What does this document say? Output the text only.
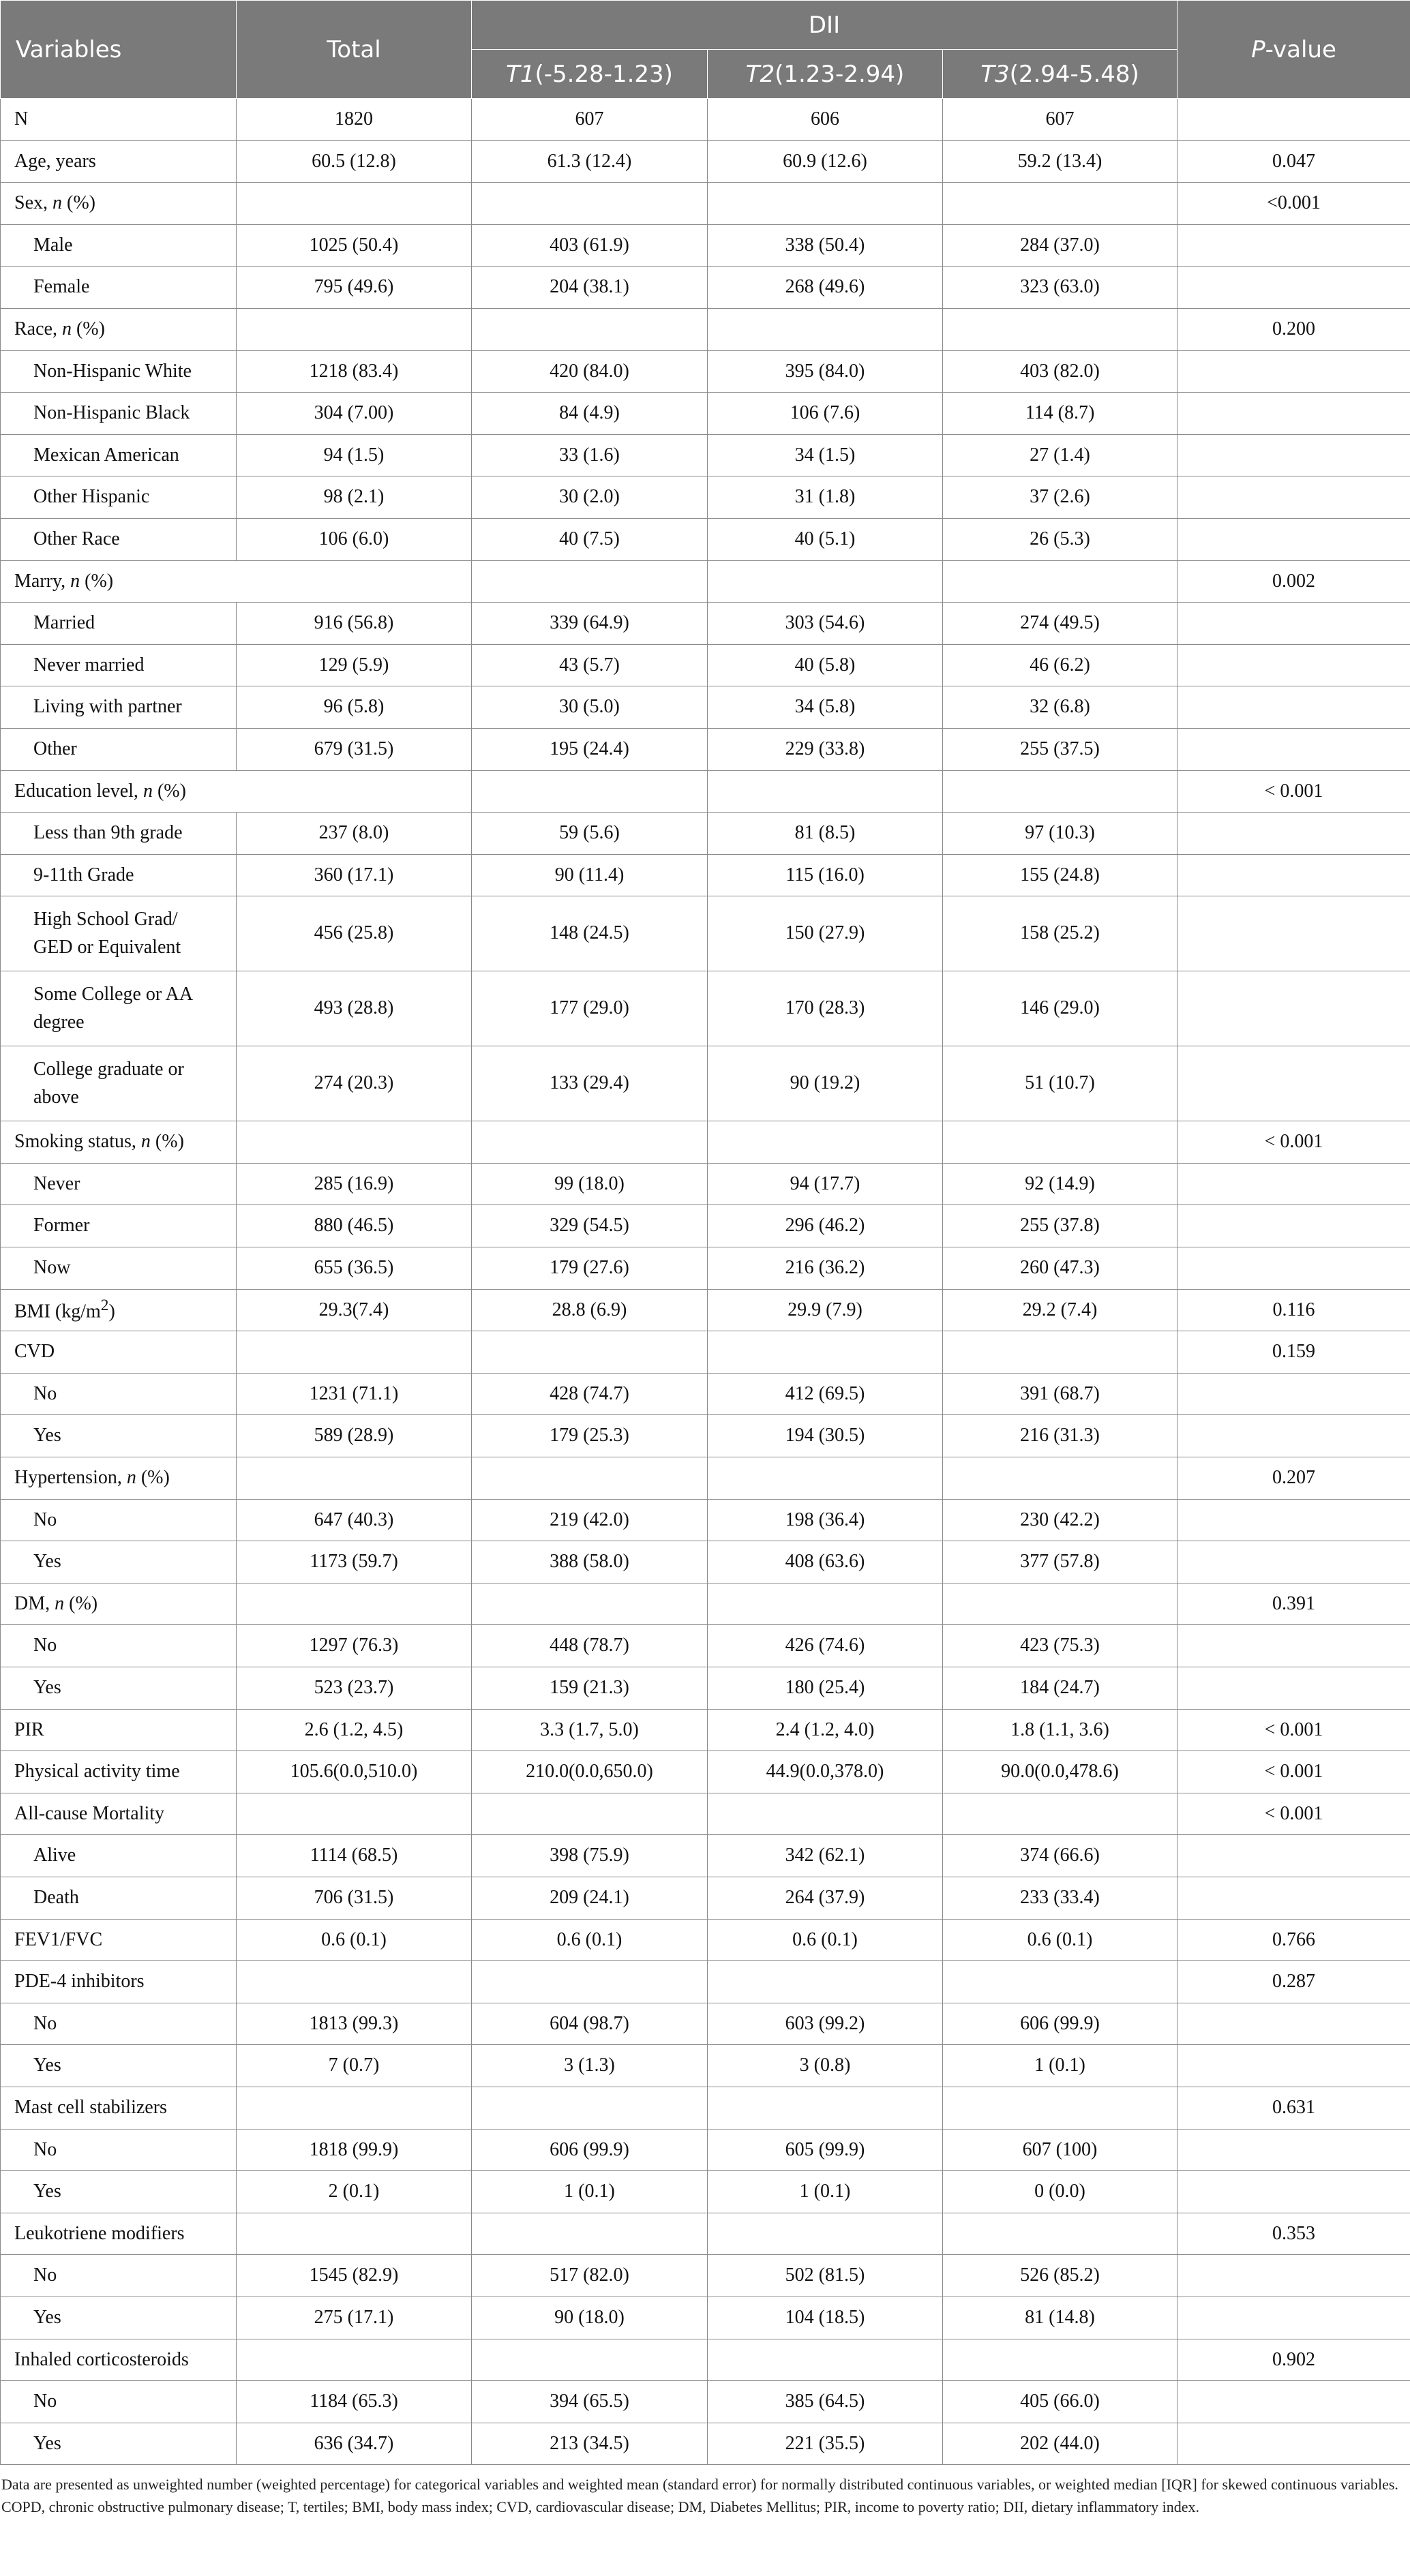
Variables	Total	DII			P-value
		T1(-5.28-1.23)	T2(1.23-2.94)	T3(2.94-5.48)	
N	1820	607	606	607	
Age, years	60.5 (12.8)	61.3 (12.4)	60.9 (12.6)	59.2 (13.4)	0.047
Sex, n (%)					<0.001
Male	1025 (50.4)	403 (61.9)	338 (50.4)	284 (37.0)	
Female	795 (49.6)	204 (38.1)	268 (49.6)	323 (63.0)	
Race, n (%)					0.200
Non-Hispanic White	1218 (83.4)	420 (84.0)	395 (84.0)	403 (82.0)	
Non-Hispanic Black	304 (7.00)	84 (4.9)	106 (7.6)	114 (8.7)	
Mexican American	94 (1.5)	33 (1.6)	34 (1.5)	27 (1.4)	
Other Hispanic	98 (2.1)	30 (2.0)	31 (1.8)	37 (2.6)	
Other Race	106 (6.0)	40 (7.5)	40 (5.1)	26 (5.3)	
Marry, n (%)					0.002
Married	916 (56.8)	339 (64.9)	303 (54.6)	274 (49.5)	
Never married	129 (5.9)	43 (5.7)	40 (5.8)	46 (6.2)	
Living with partner	96 (5.8)	30 (5.0)	34 (5.8)	32 (6.8)	
Other	679 (31.5)	195 (24.4)	229 (33.8)	255 (37.5)	
Education level, n (%)					< 0.001
Less than 9th grade	237 (8.0)	59 (5.6)	81 (8.5)	97 (10.3)	
9-11th Grade	360 (17.1)	90 (11.4)	115 (16.0)	155 (24.8)	
High School Grad/
GED or Equivalent	456 (25.8)	148 (24.5)	150 (27.9)	158 (25.2)	
Some College or AA
degree	493 (28.8)	177 (29.0)	170 (28.3)	146 (29.0)	
College graduate or
above	274 (20.3)	133 (29.4)	90 (19.2)	51 (10.7)	
Smoking status, n (%)					< 0.001
Never	285 (16.9)	99 (18.0)	94 (17.7)	92 (14.9)	
Former	880 (46.5)	329 (54.5)	296 (46.2)	255 (37.8)	
Now	655 (36.5)	179 (27.6)	216 (36.2)	260 (47.3)	
BMI $(kg/m^2)$	29.3(7.4)	28.8 (6.9)	29.9 (7.9)	29.2 (7.4)	0.116
CVD					0.159
No	1231 (71.1)	428 (74.7)	412 (69.5)	391 (68.7)	
Yes	589 (28.9)	179 (25.3)	194 (30.5)	216 (31.3)	
Hypertension, n (%)					0.207
No	647 (40.3)	219 (42.0)	198 (36.4)	230 (42.2)	
Yes	1173 (59.7)	388 (58.0)	408 (63.6)	377 (57.8)	
DM, n (%)					0.391
No	1297 (76.3)	448 (78.7)	426 (74.6)	423 (75.3)	
Yes	523 (23.7)	159 (21.3)	180 (25.4)	184 (24.7)	
PIR	2.6 (1.2, 4.5)	3.3 (1.7, 5.0)	2.4 (1.2, 4.0)	1.8 (1.1, 3.6)	< 0.001
Physical activity time	105.6(0.0,510.0)	210.0(0.0,650.0)	44.9(0.0,378.0)	90.0(0.0,478.6)	< 0.001
All-cause Mortality					< 0.001
Alive	1114 (68.5)	398 (75.9)	342 (62.1)	374 (66.6)	
Death	706 (31.5)	209 (24.1)	264 (37.9)	233 (33.4)	
FEV1/FVC	0.6 (0.1)	0.6 (0.1)	0.6 (0.1)	0.6 (0.1)	0.766
PDE-4 inhibitors					0.287
No	1813 (99.3)	604 (98.7)	603 (99.2)	606 (99.9)	
Yes	7 (0.7)	3 (1.3)	3 (0.8)	1 (0.1)	
Mast cell stabilizers					0.631
No	1818 (99.9)	606 (99.9)	605 (99.9)	607 (100)	
Yes	2 (0.1)	1 (0.1)	1 (0.1)	0 (0.0)	
Leukotriene modifiers					0.353
No	1545 (82.9)	517 (82.0)	502 (81.5)	526 (85.2)	
Yes	275 (17.1)	90 (18.0)	104 (18.5)	81 (14.8)	
Inhaled corticosteroids					0.902
No	1184 (65.3)	394 (65.5)	385 (64.5)	405 (66.0)	
Yes	636 (34.7)	213 (34.5)	221 (35.5)	202 (44.0)	

Data are presented as unweighted number (weighted percentage) for categorical variables and weighted mean (standard error) for normally distributed continuous variables, or weighted median [IQR] for skewed continuous variables.

COPD, chronic obstructive pulmonary disease; T, tertiles; BMI, body mass index; CVD, cardiovascular disease; DM, Diabetes Mellitus; PIR, income to poverty ratio; DII, dietary inflammatory index.
